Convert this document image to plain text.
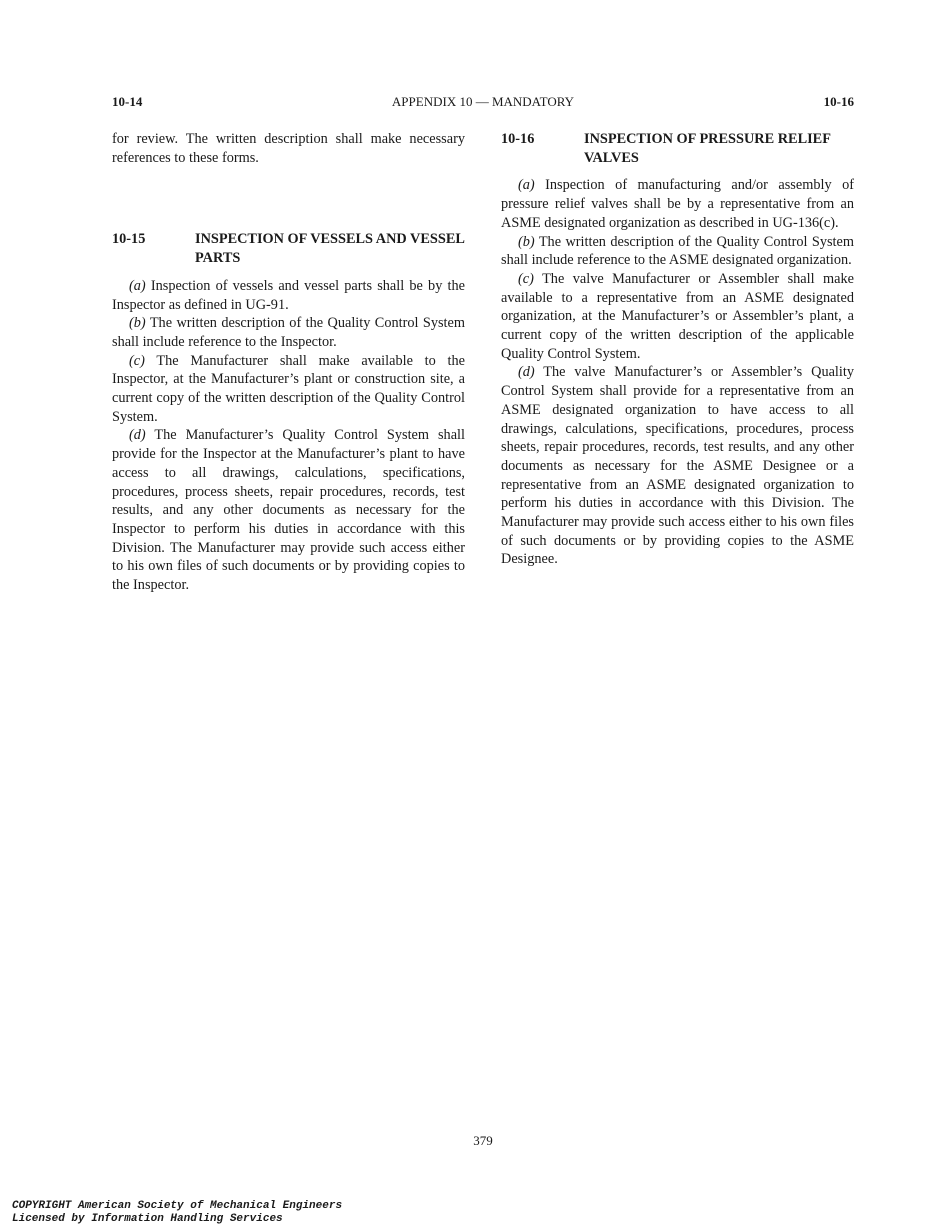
10-14	APPENDIX 10 — MANDATORY	10-16

for review. The written description shall make necessary references to these forms.

10-15	INSPECTION OF VESSELS AND VESSEL PARTS

(a) Inspection of vessels and vessel parts shall be by the Inspector as defined in UG-91.

(b) The written description of the Quality Control System shall include reference to the Inspector.

(c) The Manufacturer shall make available to the Inspector, at the Manufacturer’s plant or construction site, a current copy of the written description of the Quality Control System.

(d) The Manufacturer’s Quality Control System shall provide for the Inspector at the Manufacturer’s plant to have access to all drawings, calculations, specifications, procedures, process sheets, repair procedures, records, test results, and any other documents as necessary for the Inspector to perform his duties in accordance with this Division. The Manufacturer may provide such access either to his own files of such documents or by providing copies to the Inspector.

10-16	INSPECTION OF PRESSURE RELIEF VALVES

(a) Inspection of manufacturing and/or assembly of pressure relief valves shall be by a representative from an ASME designated organization as described in UG-136(c).

(b) The written description of the Quality Control System shall include reference to the ASME designated organization.

(c) The valve Manufacturer or Assembler shall make available to a representative from an ASME designated organization, at the Manufacturer’s or Assembler’s plant, a current copy of the written description of the applicable Quality Control System.

(d) The valve Manufacturer’s or Assembler’s Quality Control System shall provide for a representative from an ASME designated organization to have access to all drawings, calculations, specifications, procedures, process sheets, repair procedures, records, test results, and any other documents as necessary for the ASME Designee or a representative from an ASME designated organization to perform his duties in accordance with this Division. The Manufacturer may provide such access either to his own files of such documents or by providing copies to the ASME Designee.

379
COPYRIGHT American Society of Mechanical Engineers
Licensed by Information Handling Services
